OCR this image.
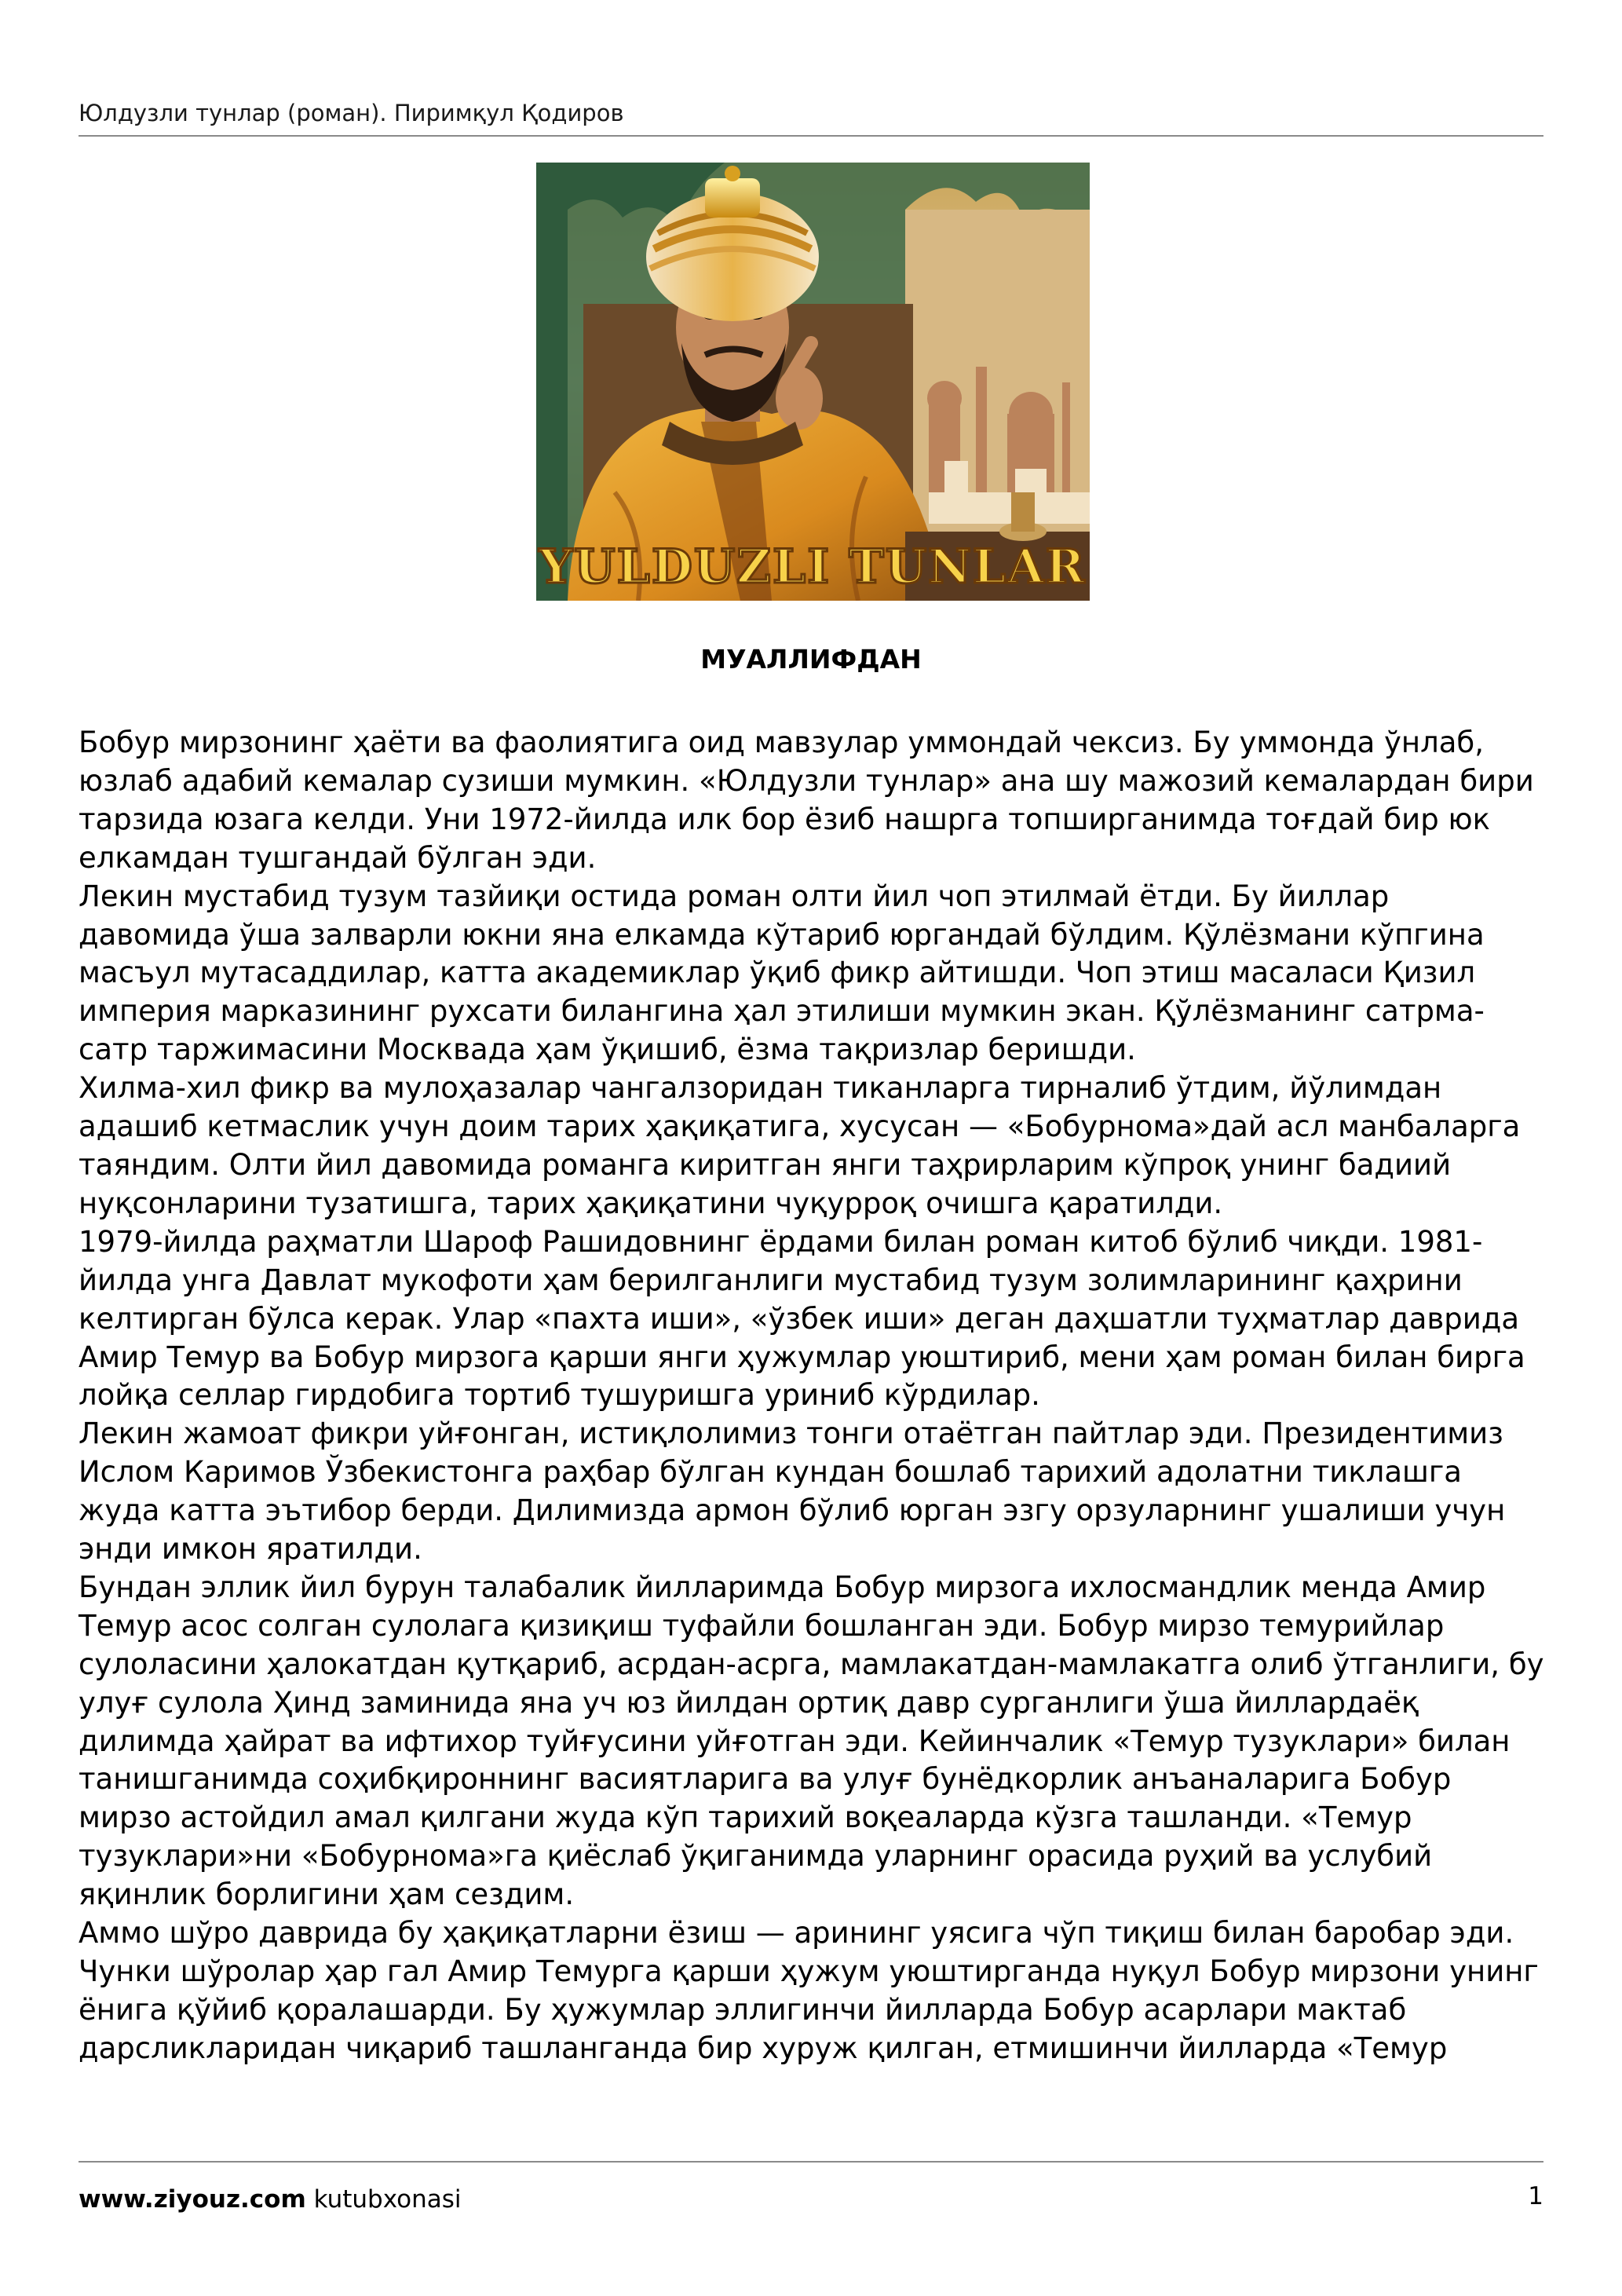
Юлдузли тунлар (роман). Пиримқул Қодиров
YULDUZLI TUNLAR
МУАЛЛИФДАН

Бобур мирзонинг ҳаёти ва фаолиятига оид мавзулар уммондай чексиз. Бу уммонда ўнлаб, юзлаб адабий кемалар сузиши мумкин. «Юлдузли тунлар» ана шу мажозий кемалардан бири тарзида юзага келди. Уни 1972-йилда илк бор ёзиб нашрга топширганимда тоғдай бир юк елкамдан тушгандай бўлган эди.

Лекин мустабид тузум тазйиқи остида роман олти йил чоп этилмай ётди. Бу йиллар давомида ўша залварли юкни яна елкамда кўтариб юргандай бўлдим. Қўлёзмани кўпгина масъул мутасаддилар, катта академиклар ўқиб фикр айтишди. Чоп этиш масаласи Қизил империя марказининг рухсати билангина ҳал этилиши мумкин экан. Қўлёзманинг сатрма-сатр таржимасини Москвада ҳам ўқишиб, ёзма тақризлар беришди.

Хилма-хил фикр ва мулоҳазалар чангалзоридан тиканларга тирналиб ўтдим, йўлимдан адашиб кетмаслик учун доим тарих ҳақиқатига, хусусан — «Бобурнома»дай асл манбаларга таяндим. Олти йил давомида романга киритган янги таҳрирларим кўпроқ унинг бадиий нуқсонларини тузатишга, тарих ҳақиқатини чуқурроқ очишга қаратилди.

1979-йилда раҳматли Шароф Рашидовнинг ёрдами билан роман китоб бўлиб чиқди. 1981-йилда унга Давлат мукофоти ҳам берилганлиги мустабид тузум золимларининг қаҳрини келтирган бўлса керак. Улар «пахта иши», «ўзбек иши» деган даҳшатли туҳматлар даврида Амир Темур ва Бобур мирзога қарши янги ҳужумлар уюштириб, мени ҳам роман билан бирга лойқа селлар гирдобига тортиб тушуришга уриниб кўрдилар.

Лекин жамоат фикри уйғонган, истиқлолимиз тонги отаётган пайтлар эди. Президентимиз Ислом Каримов Ўзбекистонга раҳбар бўлган кундан бошлаб тарихий адолатни тиклашга жуда катта эътибор берди. Дилимизда армон бўлиб юрган эзгу орзуларнинг ушалиши учун энди имкон яратилди.

Бундан эллик йил бурун талабалик йилларимда Бобур мирзога ихлосмандлик менда Амир Темур асос солган сулолага қизиқиш туфайли бошланган эди. Бобур мирзо темурийлар сулоласини ҳалокатдан қутқариб, асрдан-асрга, мамлакатдан-мамлакатга олиб ўтганлиги, бу улуғ сулола Ҳинд заминида яна уч юз йилдан ортиқ давр сурганлиги ўша йиллардаёқ дилимда ҳайрат ва ифтихор туйғусини уйғотган эди. Кейинчалик «Темур тузуклари» билан танишганимда соҳибқироннинг васиятларига ва улуғ бунёдкорлик анъаналарига Бобур мирзо астойдил амал қилгани жуда кўп тарихий воқеаларда кўзга ташланди. «Темур тузуклари»ни «Бобурнома»га қиёслаб ўқиганимда уларнинг орасида руҳий ва услубий яқинлик борлигини ҳам сездим.

Аммо шўро даврида бу ҳақиқатларни ёзиш — арининг уясига чўп тиқиш билан баробар эди. Чунки шўролар ҳар гал Амир Темурга қарши ҳужум уюштирганда нуқул Бобур мирзони унинг ёнига қўйиб қоралашарди. Бу ҳужумлар эллигинчи йилларда Бобур асарлари мактаб дарсликларидан чиқариб ташланганда бир хуруж қилган, етмишинчи йилларда «Темур

www.ziyouz.com kutubxonasi	1
